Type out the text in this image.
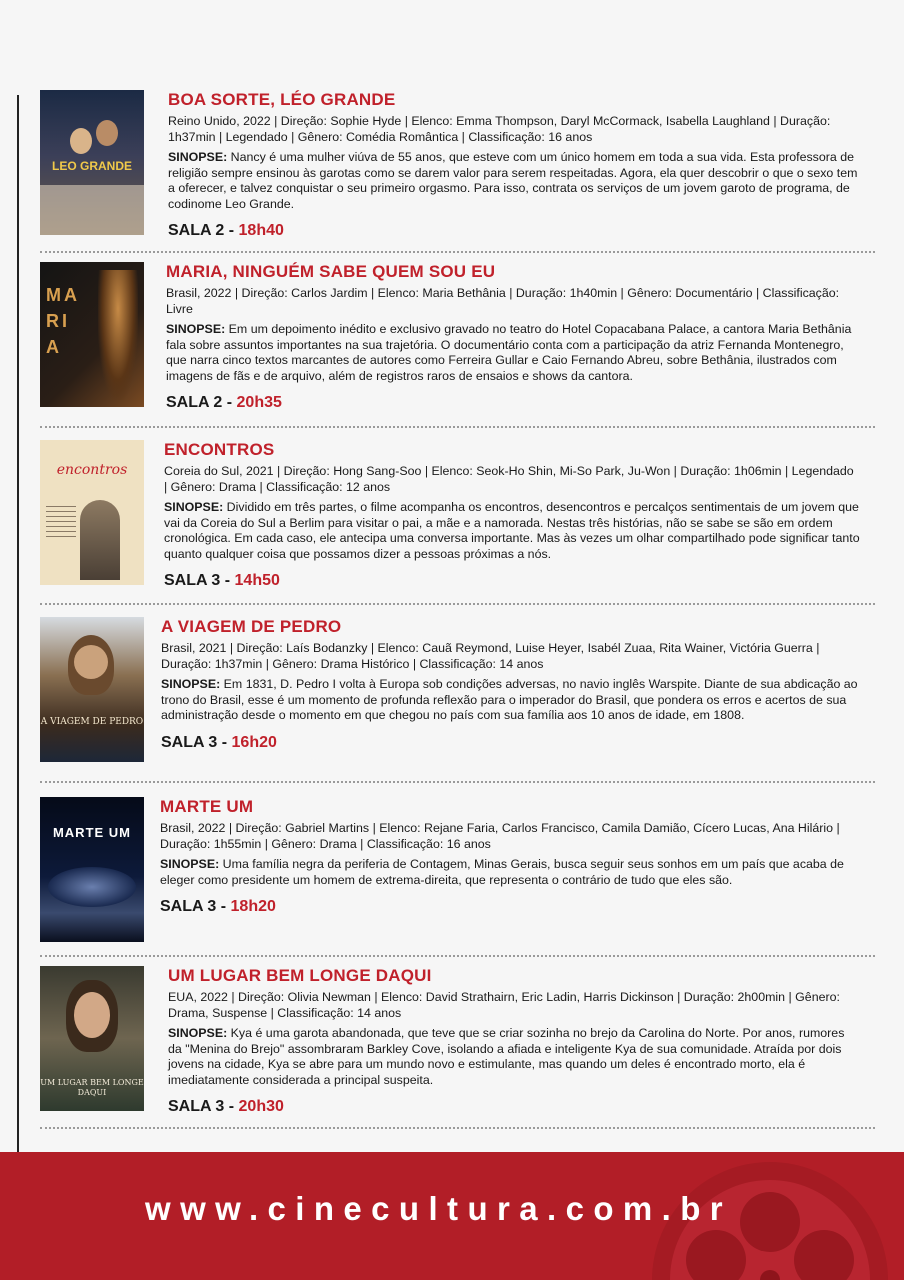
LEO GRANDE
BOA SORTE, LÉO GRANDE
Reino Unido, 2022 | Direção: Sophie Hyde | Elenco: Emma Thompson, Daryl McCormack, Isabella Laughland | Duração: 1h37min | Legendado | Gênero: Comédia Romântica | Classificação: 16 anos
SINOPSE: Nancy é uma mulher viúva de 55 anos, que esteve com um único homem em toda a sua vida. Esta professora de religião sempre ensinou às garotas como se darem valor para serem respeitadas. Agora, ela quer descobrir o que o sexo tem a oferecer, e talvez conquistar o seu primeiro orgasmo. Para isso, contrata os serviços de um jovem garoto de programa, de codinome Leo Grande.
SALA 2 - 18h40
MA RI A
MARIA, NINGUÉM SABE QUEM SOU EU
Brasil, 2022 | Direção: Carlos Jardim | Elenco: Maria Bethânia | Duração: 1h40min | Gênero: Documentário | Classificação: Livre
SINOPSE: Em um depoimento inédito e exclusivo gravado no teatro do Hotel Copacabana Palace, a cantora Maria Bethânia fala sobre assuntos importantes na sua trajetória. O documentário conta com a participação da atriz Fernanda Montenegro, que narra cinco textos marcantes de autores como Ferreira Gullar e Caio Fernando Abreu, sobre Bethânia, ilustrados com imagens de fãs e de arquivo, além de registros raros de ensaios e shows da cantora.
SALA 2 - 20h35
encontros
ENCONTROS
Coreia do Sul, 2021 | Direção: Hong Sang-Soo | Elenco: Seok-Ho Shin, Mi-So Park, Ju-Won | Duração: 1h06min | Legendado | Gênero: Drama | Classificação: 12 anos
SINOPSE: Dividido em três partes, o filme acompanha os encontros, desencontros e percalços sentimentais de um jovem que vai da Coreia do Sul a Berlim para visitar o pai, a mãe e a namorada. Nestas três histórias, não se sabe se são em ordem cronológica. Em cada caso, ele antecipa uma conversa importante. Mas às vezes um olhar compartilhado pode significar tanto quanto qualquer coisa que possamos dizer a pessoas próximas a nós.
SALA 3 - 14h50
A VIAGEM DE PEDRO
A VIAGEM DE PEDRO
Brasil, 2021 | Direção: Laís Bodanzky | Elenco: Cauã Reymond, Luise Heyer, Isabél Zuaa, Rita Wainer, Victória Guerra | Duração: 1h37min | Gênero: Drama Histórico | Classificação: 14 anos
SINOPSE: Em 1831, D. Pedro I volta à Europa sob condições adversas, no navio inglês Warspite. Diante de sua abdicação ao trono do Brasil, esse é um momento de profunda reflexão para o imperador do Brasil, que pondera os erros e acertos de sua administração desde o momento em que chegou no país com sua família aos 10 anos de idade, em 1808.
SALA 3 - 16h20
MARTE UM
MARTE UM
Brasil, 2022 | Direção: Gabriel Martins | Elenco: Rejane Faria, Carlos Francisco, Camila Damião, Cícero Lucas, Ana Hilário | Duração: 1h55min | Gênero: Drama | Classificação: 16 anos
SINOPSE: Uma família negra da periferia de Contagem, Minas Gerais, busca seguir seus sonhos em um país que acaba de eleger como presidente um homem de extrema-direita, que representa o contrário de tudo que eles são.
SALA 3 - 18h20
UM LUGAR BEM LONGE DAQUI
UM LUGAR BEM LONGE DAQUI
EUA, 2022 | Direção: Olivia Newman | Elenco: David Strathairn, Eric Ladin, Harris Dickinson | Duração: 2h00min | Gênero: Drama, Suspense | Classificação: 14 anos
SINOPSE: Kya é uma garota abandonada, que teve que se criar sozinha no brejo da Carolina do Norte. Por anos, rumores da "Menina do Brejo" assombraram Barkley Cove, isolando a afiada e inteligente Kya de sua comunidade. Atraída por dois jovens na cidade, Kya se abre para um mundo novo e estimulante, mas quando um deles é encontrado morto, ela é imediatamente considerada a principal suspeita.
SALA 3 - 20h30
www.cinecultura.com.br
